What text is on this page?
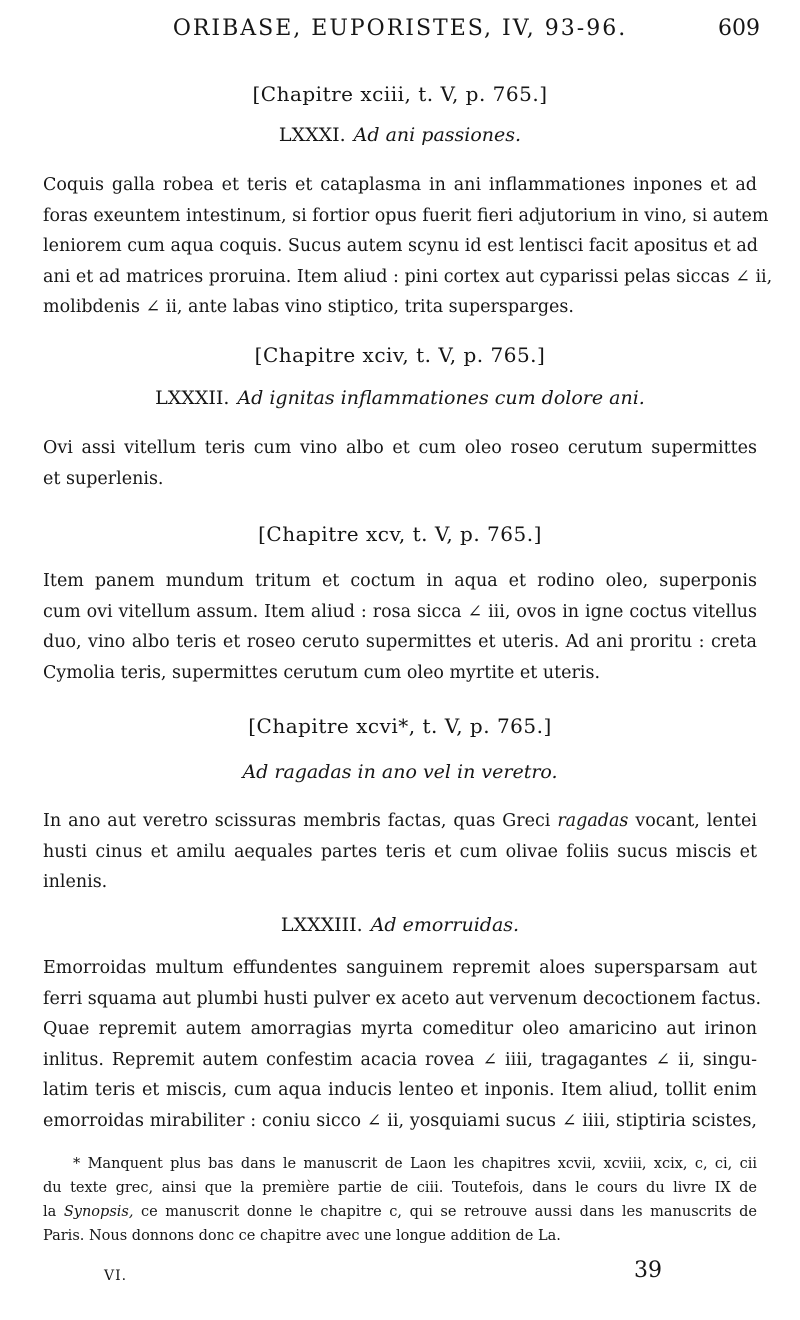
ORIBASE, EUPORISTES, IV, 93-96.	609
[Chapitre xciii, t. V, p. 765.]
LXXXI. Ad ani passiones.
Coquis galla robea et teris et cataplasma in ani inflammationes inpones et ad
foras exeuntem intestinum, si fortior opus fuerit fieri adjutorium in vino, si autem
leniorem cum aqua coquis. Sucus autem scynu id est lentisci facit apositus et ad
ani et ad matrices proruina. Item aliud : pini cortex aut cyparissi pelas siccas ∠ ii,
molibdenis ∠ ii, ante labas vino stiptico, trita supersparges.
[Chapitre xciv, t. V, p. 765.]
LXXXII. Ad ignitas inflammationes cum dolore ani.
Ovi assi vitellum teris cum vino albo et cum oleo roseo cerutum supermittes
et superlenis.
[Chapitre xcv, t. V, p. 765.]
Item panem mundum tritum et coctum in aqua et rodino oleo, superponis
cum ovi vitellum assum. Item aliud : rosa sicca ∠ iii, ovos in igne coctus vitellus
duo, vino albo teris et roseo ceruto supermittes et uteris. Ad ani proritu : creta
Cymolia teris, supermittes cerutum cum oleo myrtite et uteris.
[Chapitre xcvi*, t. V, p. 765.]
Ad ragadas in ano vel in veretro.
In ano aut veretro scissuras membris factas, quas Greci ragadas vocant, lentei
husti cinus et amilu aequales partes teris et cum olivae foliis sucus miscis et
inlenis.
LXXXIII. Ad emorruidas.
Emorroidas multum effundentes sanguinem repremit aloes supersparsam aut
ferri squama aut plumbi husti pulver ex aceto aut vervenum decoctionem factus.
Quae repremit autem amorragias myrta comeditur oleo amaricino aut irinon
inlitus. Repremit autem confestim acacia rovea ∠ iiii, tragagantes ∠ ii, singu-
latim teris et miscis, cum aqua inducis lenteo et inponis. Item aliud, tollit enim
emorroidas mirabiliter : coniu sicco ∠ ii, yosquiami sucus ∠ iiii, stiptiria scistes,
* Manquent plus bas dans le manuscrit de Laon les chapitres xcvii, xcviii, xcix, c, ci, cii
du texte grec, ainsi que la première partie de ciii. Toutefois, dans le cours du livre IX de
la Synopsis, ce manuscrit donne le chapitre c, qui se retrouve aussi dans les manuscrits de
Paris. Nous donnons donc ce chapitre avec une longue addition de La.
VI.	39
